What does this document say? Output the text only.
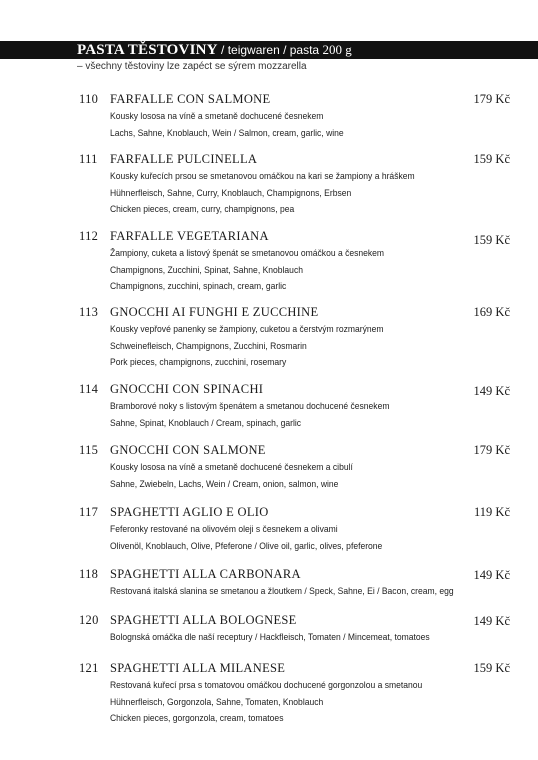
PASTA TĚSTOVINY / teigwaren / pasta 200 g
– všechny těstoviny lze zapéct se sýrem mozzarella
110 FARFALLE CON SALMONE	179 Kč
Kousky lososa na víně a smetaně dochucené česnekem
Lachs, Sahne, Knoblauch, Wein / Salmon, cream, garlic, wine
111 FARFALLE PULCINELLA	159 Kč
Kousky kuřecích prsou se smetanovou omáčkou na kari se žampiony a hráškem
Hühnerfleisch, Sahne, Curry, Knoblauch, Champignons, Erbsen
Chicken pieces, cream, curry, champignons, pea
112 FARFALLE VEGETARIANA	159 Kč
Žampiony, cuketa a listový špenát se smetanovou omáčkou a česnekem
Champignons, Zucchini, Spinat, Sahne, Knoblauch
Champignons, zucchini, spinach, cream, garlic
113 GNOCCHI AI FUNGHI E ZUCCHINE	169 Kč
Kousky vepřové panenky se žampiony, cuketou a čerstvým rozmarýnem
Schweinefleisch, Champignons, Zucchini, Rosmarin
Pork pieces, champignons, zucchini, rosemary
114 GNOCCHI CON SPINACHI	149 Kč
Bramborové noky s listovým špenátem a smetanou dochucené česnekem
Sahne, Spinat, Knoblauch / Cream, spinach, garlic
115 GNOCCHI CON SALMONE	179 Kč
Kousky lososa na víně a smetaně dochucené česnekem a cibulí
Sahne, Zwiebeln, Lachs, Wein / Cream, onion, salmon, wine
117 SPAGHETTI AGLIO E OLIO	119 Kč
Feferonky restované na olivovém oleji s česnekem a olivami
Olivenöl, Knoblauch, Olive, Pfeferone / Olive oil, garlic, olives, pfeferone
118 SPAGHETTI ALLA CARBONARA	149 Kč
Restovaná italská slanina se smetanou a žloutkem / Speck, Sahne, Ei / Bacon, cream, egg
120 SPAGHETTI ALLA BOLOGNESE	149 Kč
Bolognská omáčka dle naší receptury / Hackfleisch, Tomaten / Mincemeat, tomatoes
121 SPAGHETTI ALLA MILANESE	159 Kč
Restovaná kuřecí prsa s tomatovou omáčkou dochucené gorgonzolou a smetanou
Hühnerfleisch, Gorgonzola, Sahne, Tomaten, Knoblauch
Chicken pieces, gorgonzola, cream, tomatoes
